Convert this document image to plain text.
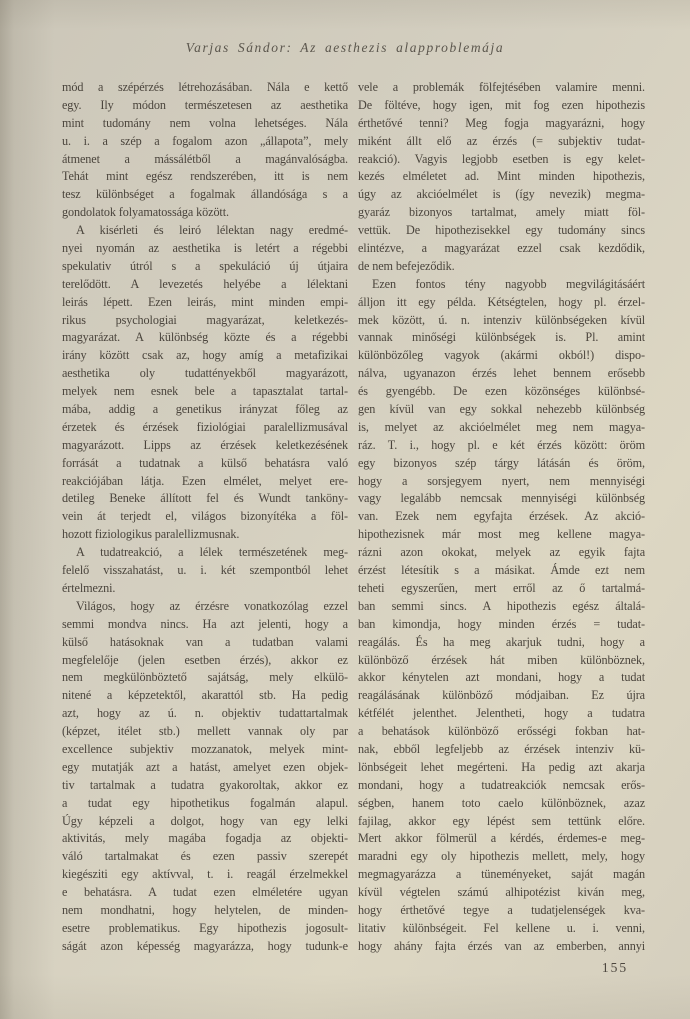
Varjas Sándor: Az aesthezis alapproblemája
mód a szépérzés létrehozásában. Nála e kettő
egy. Ily módon természetesen az aesthetika
mint tudomány nem volna lehetséges. Nála
u. i. a szép a fogalom azon „állapota”, mely
átmenet a mássálétből a magánvalóságba.
Tehát mint egész rendszerében, itt is nem
tesz különbséget a fogalmak állandósága s a
gondolatok folyamatossága között.
A kisérleti és leiró lélektan nagy eredmé-
nyei nyomán az aesthetika is letért a régebbi
spekulativ útról s a spekuláció új útjaira
terelődött. A levezetés helyébe a lélektani
leirás lépett. Ezen leirás, mint minden empi-
rikus psychologiai magyarázat, keletkezés-
magyarázat. A különbség közte és a régebbi
irány között csak az, hogy amíg a metafizikai
aesthetika oly tudattényekből magyarázott,
melyek nem esnek bele a tapasztalat tartal-
mába, addig a genetikus irányzat főleg az
érzetek és érzések fiziológiai paralellizmusával
magyarázott. Lipps az érzések keletkezésének
forrását a tudatnak a külső behatásra való
reakciójában látja. Ezen elmélet, melyet ere-
detileg Beneke állított fel és Wundt tanköny-
vein át terjedt el, világos bizonyítéka a föl-
hozott fiziologikus paralellizmusnak.
A tudatreakció, a lélek természetének meg-
felelő visszahatást, u. i. két szempontból lehet
értelmezni.
Világos, hogy az érzésre vonatkozólag ezzel
semmi mondva nincs. Ha azt jelenti, hogy a
külső hatásoknak van a tudatban valami
megfelelője (jelen esetben érzés), akkor ez
nem megkülönböztető sajátság, mely elkülö-
nitené a képzetektől, akarattól stb. Ha pedig
azt, hogy az ú. n. objektiv tudattartalmak
(képzet, itélet stb.) mellett vannak oly par
excellence subjektiv mozzanatok, melyek mint-
egy mutatják azt a hatást, amelyet ezen objek-
tiv tartalmak a tudatra gyakoroltak, akkor ez
a tudat egy hipothetikus fogalmán alapul.
Úgy képzeli a dolgot, hogy van egy lelki
aktivitás, mely magába fogadja az objekti-
váló tartalmakat és ezen passiv szerepét
kiegésziti egy aktívval, t. i. reagál érzelmekkel
e behatásra. A tudat ezen elméletére ugyan
nem mondhatni, hogy helytelen, de minden-
esetre problematikus. Egy hipothezis jogosult-
ságát azon képesség magyarázza, hogy tudunk-e
vele a problemák fölfejtésében valamire menni.
De föltéve, hogy igen, mit fog ezen hipothezis
érthetővé tenni? Meg fogja magyarázni, hogy
miként állt elő az érzés (= subjektiv tudat-
reakció). Vagyis legjobb esetben is egy kelet-
kezés elméletet ad. Mint minden hipothezis,
úgy az akcióelmélet is (így nevezik) megma-
gyaráz bizonyos tartalmat, amely miatt föl-
vettük. De hipothezisekkel egy tudomány sincs
elintézve, a magyarázat ezzel csak kezdődik,
de nem befejeződik.
Ezen fontos tény nagyobb megvilágitásáért
álljon itt egy példa. Kétségtelen, hogy pl. érzel-
mek között, ú. n. intenziv különbségeken kívül
vannak minőségi különbségek is. Pl. amint
különbözőleg vagyok (akármi okból!) dispo-
nálva, ugyanazon érzés lehet bennem erősebb
és gyengébb. De ezen közönséges különbsé-
gen kívül van egy sokkal nehezebb különbség
is, melyet az akcióelmélet meg nem magya-
ráz. T. i., hogy pl. e két érzés között: öröm
egy bizonyos szép tárgy látásán és öröm,
hogy a sorsjegyem nyert, nem mennyiségi
vagy legalább nemcsak mennyiségi különbség
van. Ezek nem egyfajta érzések. Az akció-
hipothezisnek már most meg kellene magya-
rázni azon okokat, melyek az egyik fajta
érzést létesítik s a másikat. Ámde ezt nem
teheti egyszerűen, mert erről az ő tartalmá-
ban semmi sincs. A hipothezis egész általá-
ban kimondja, hogy minden érzés = tudat-
reagálás. És ha meg akarjuk tudni, hogy a
különböző érzések hát miben különböznek,
akkor kénytelen azt mondani, hogy a tudat
reagálásának különböző módjaiban. Ez újra
kétfélét jelenthet. Jelentheti, hogy a tudatra
a behatások különböző erősségi fokban hat-
nak, ebből legfeljebb az érzések intenziv kü-
lönbségeit lehet megérteni. Ha pedig azt akarja
mondani, hogy a tudatreakciók nemcsak erős-
ségben, hanem toto caelo különböznek, azaz
fajilag, akkor egy lépést sem tettünk előre.
Mert akkor fölmerül a kérdés, érdemes-e meg-
maradni egy oly hipothezis mellett, mely, hogy
megmagyarázza a tüneményeket, saját magán
kívül végtelen számú alhipotézist kiván meg,
hogy érthetővé tegye a tudatjelenségek kva-
litativ különbségeit. Fel kellene u. i. venni,
hogy ahány fajta érzés van az emberben, annyi
155
